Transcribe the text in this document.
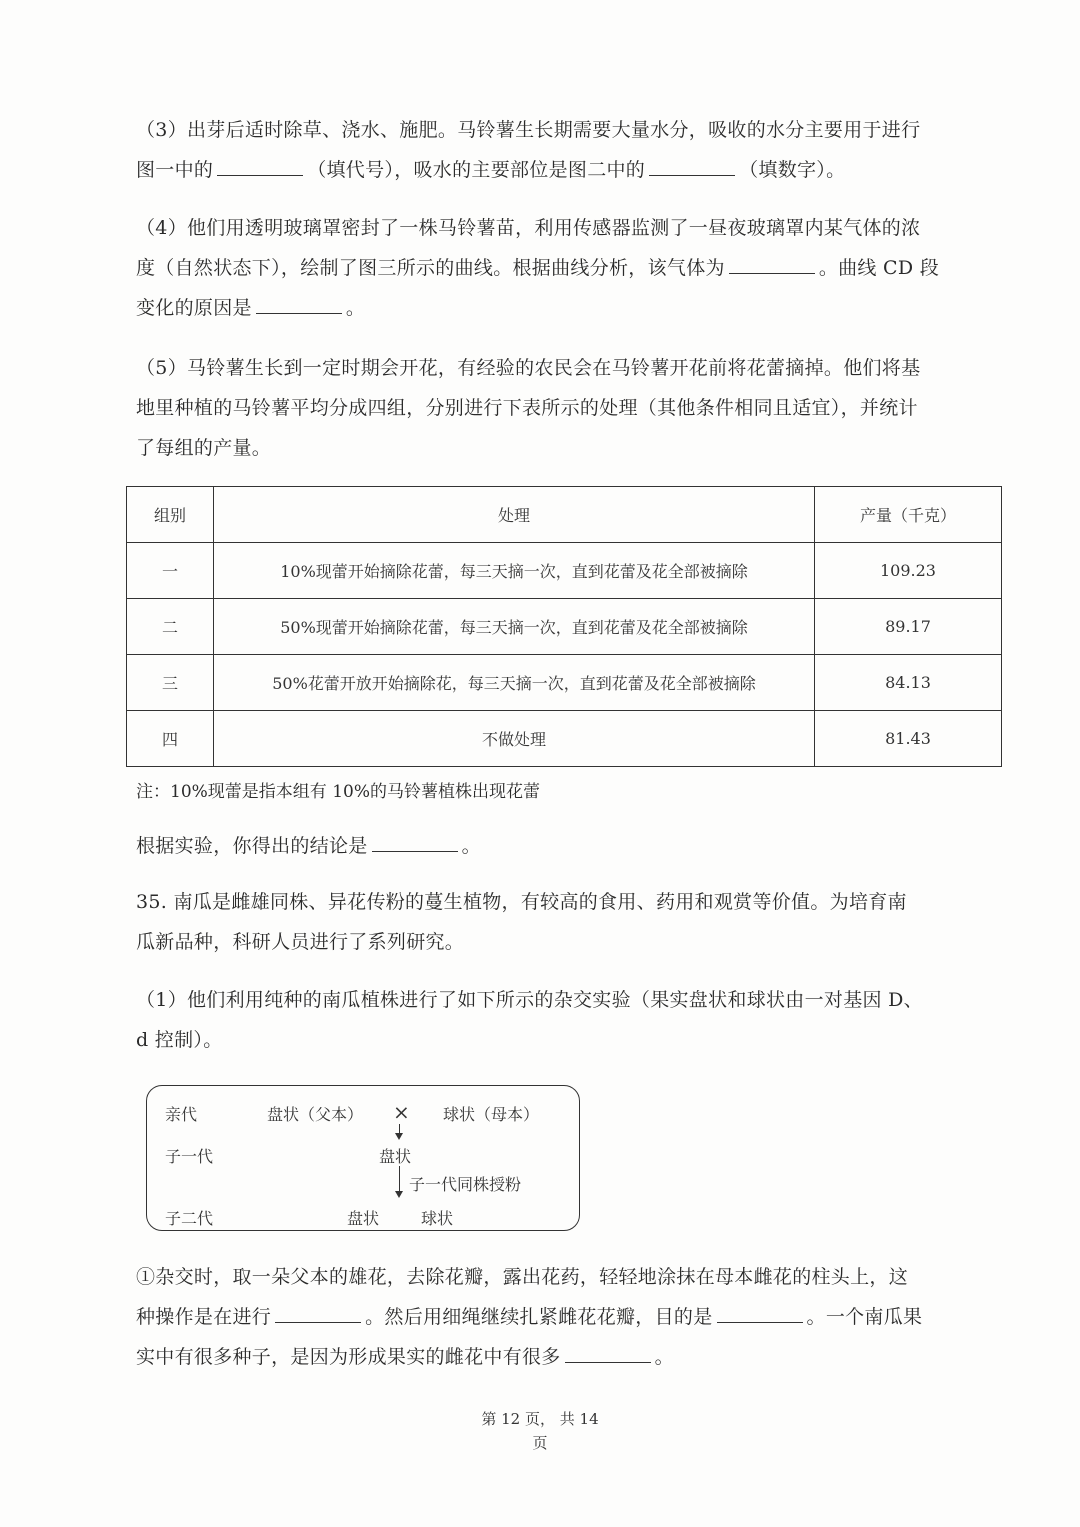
（3）出芽后适时除草、浇水、施肥。马铃薯生长期需要大量水分，吸收的水分主要用于进行
图一中的	（填代号），吸水的主要部位是图二中的	（填数字）。
（4）他们用透明玻璃罩密封了一株马铃薯苗，利用传感器监测了一昼夜玻璃罩内某气体的浓
度（自然状态下），绘制了图三所示的曲线。根据曲线分析，该气体为	。曲线 CD 段
变化的原因是	。
（5）马铃薯生长到一定时期会开花，有经验的农民会在马铃薯开花前将花蕾摘掉。他们将基
地里种植的马铃薯平均分成四组，分别进行下表所示的处理（其他条件相同且适宜），并统计
了每组的产量。
组别	处理	产量（千克）
一	10%现蕾开始摘除花蕾，每三天摘一次，直到花蕾及花全部被摘除	109.23
二	50%现蕾开始摘除花蕾，每三天摘一次，直到花蕾及花全部被摘除	89.17
三	50%花蕾开放开始摘除花，每三天摘一次，直到花蕾及花全部被摘除	84.13
四	不做处理	81.43

注：10%现蕾是指本组有 10%的马铃薯植株出现花蕾

根据实验，你得出的结论是	。
35. 南瓜是雌雄同株、异花传粉的蔓生植物，有较高的食用、药用和观赏等价值。为培育南
瓜新品种，科研人员进行了系列研究。
（1）他们利用纯种的南瓜植株进行了如下所示的杂交实验（果实盘状和球状由一对基因 D、
d 控制）。
亲代	盘状（父本） × 球状（母本）
子一代	盘状
子一代同株授粉
子二代	盘状	球状
①杂交时，取一朵父本的雄花，去除花瓣，露出花药，轻轻地涂抹在母本雌花的柱头上，这
种操作是在进行	。然后用细绳继续扎紧雌花花瓣，目的是	。一个南瓜果
实中有很多种子，是因为形成果实的雌花中有很多	。
第 12 页， 共 14
页
